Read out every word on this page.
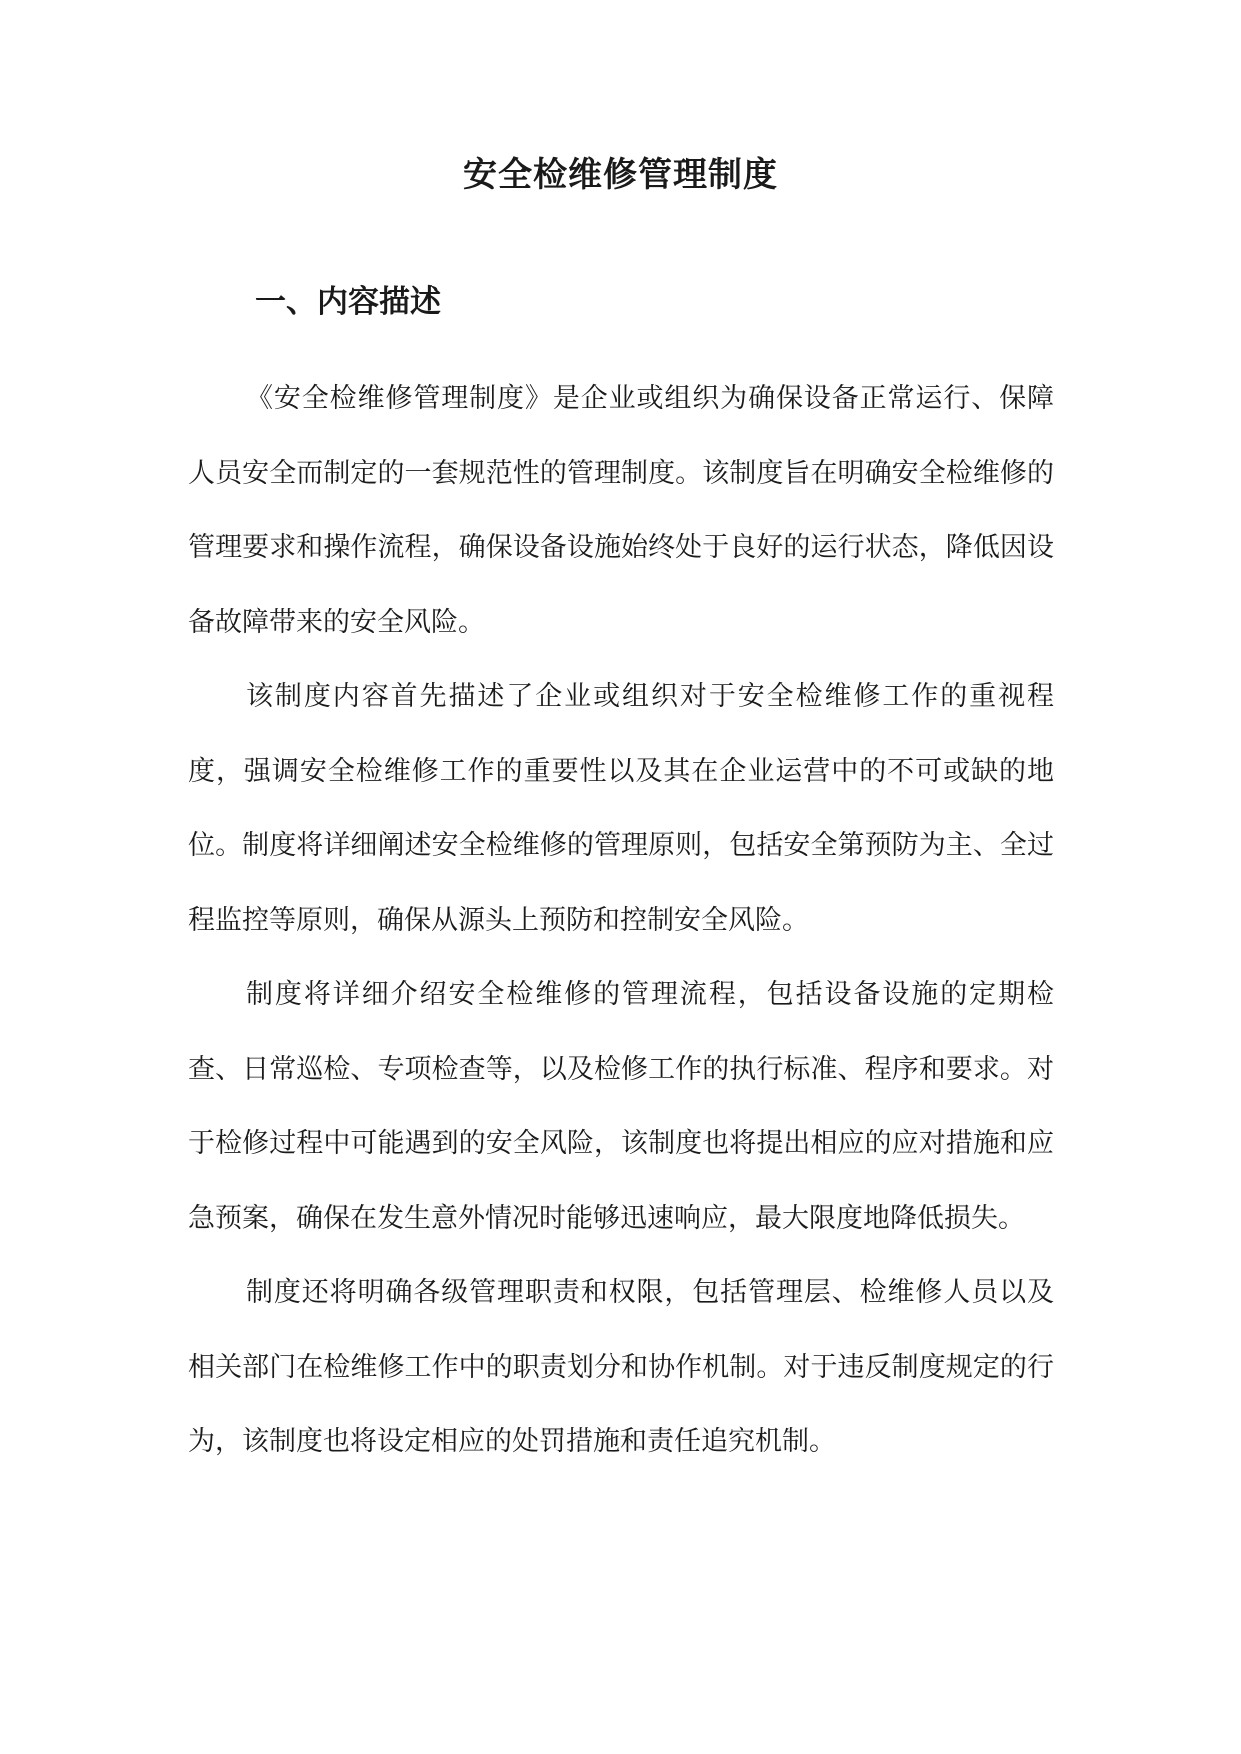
安全检维修管理制度
一、内容描述

《安全检维修管理制度》是企业或组织为确保设备正常运行、保障人员安全而制定的一套规范性的管理制度。该制度旨在明确安全检维修的管理要求和操作流程，确保设备设施始终处于良好的运行状态，降低因设备故障带来的安全风险。

该制度内容首先描述了企业或组织对于安全检维修工作的重视程度，强调安全检维修工作的重要性以及其在企业运营中的不可或缺的地位。制度将详细阐述安全检维修的管理原则，包括安全第预防为主、全过程监控等原则，确保从源头上预防和控制安全风险。

制度将详细介绍安全检维修的管理流程，包括设备设施的定期检查、日常巡检、专项检查等，以及检修工作的执行标准、程序和要求。对于检修过程中可能遇到的安全风险，该制度也将提出相应的应对措施和应急预案，确保在发生意外情况时能够迅速响应，最大限度地降低损失。

制度还将明确各级管理职责和权限，包括管理层、检维修人员以及相关部门在检维修工作中的职责划分和协作机制。对于违反制度规定的行为，该制度也将设定相应的处罚措施和责任追究机制。
